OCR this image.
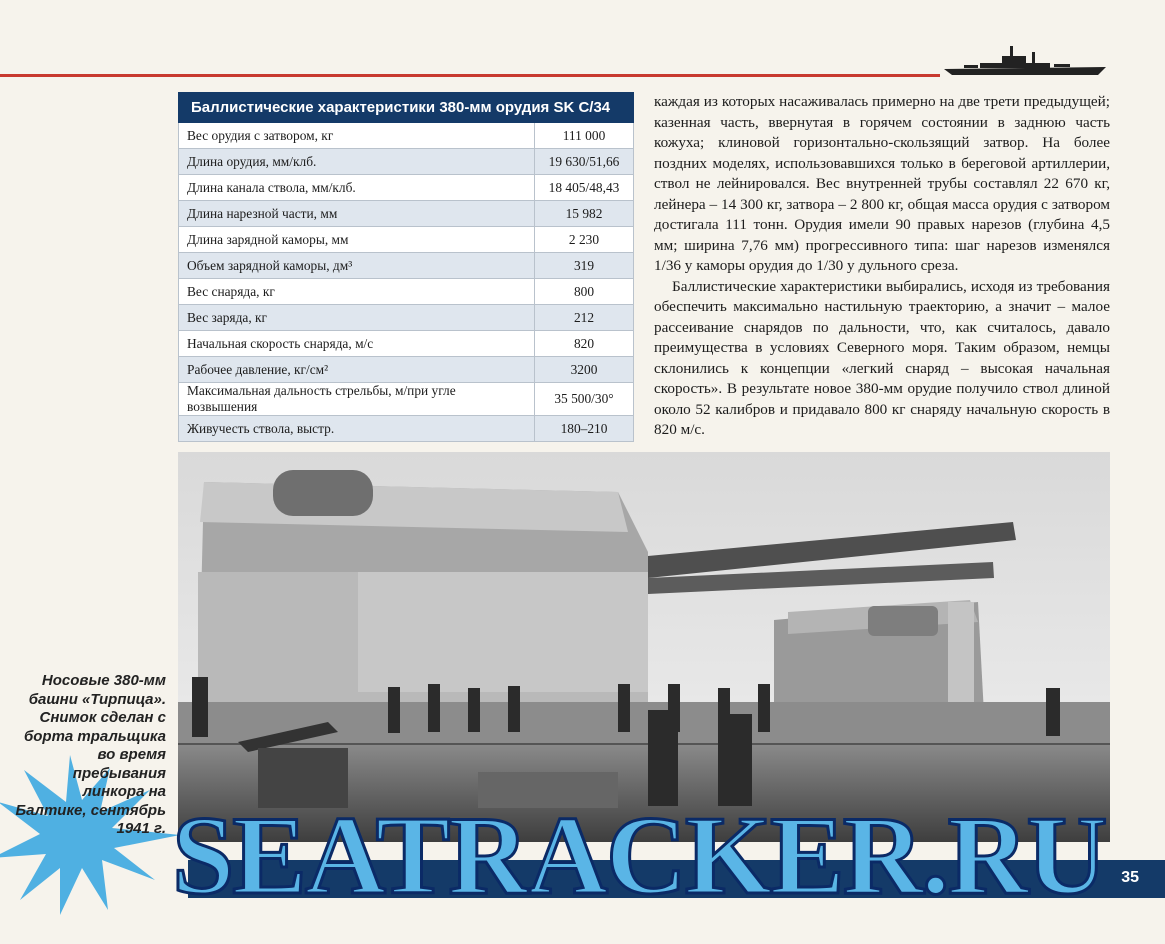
Баллистические характеристики 380-мм орудия SK C/34	
Вес орудия с затвором, кг	111 000
Длина орудия, мм/клб.	19 630/51,66
Длина канала ствола, мм/клб.	18 405/48,43
Длина нарезной части, мм	15 982
Длина зарядной каморы, мм	2 230
Объем зарядной каморы, дм³	319
Вес снаряда, кг	800
Вес заряда, кг	212
Начальная скорость снаряда, м/с	820
Рабочее давление, кг/см²	3200
Максимальная дальность стрельбы, м/при угле возвышения	35 500/30°
Живучесть ствола, выстр.	180–210

каждая из которых насаживалась примерно на две трети предыдущей; казенная часть, ввернутая в горячем состоянии в заднюю часть кожуха; клиновой горизонтально-скользящий затвор. На более поздних моделях, использовавшихся только в береговой артиллерии, ствол не лейнировался. Вес внутренней трубы составлял 22 670 кг, лейнера – 14 300 кг, затвора – 2 800 кг, общая масса орудия с затвором достигала 111 тонн. Орудия имели 90 правых нарезов (глубина 4,5 мм; ширина 7,76 мм) прогрессивного типа: шаг нарезов изменялся 1/36 у каморы орудия до 1/30 у дульного среза.

Баллистические характеристики выбирались, исходя из требования обеспечить максимально настильную траекторию, а значит – малое рассеивание снарядов по дальности, что, как считалось, давало преимущества в условиях Северного моря. Таким образом, немцы склонились к концепции «легкий снаряд – высокая начальная скорость». В результате новое 380-мм орудие получило ствол длиной около 52 калибров и придавало 800 кг снаряду начальную скорость в 820 м/с.

Носовые 380-мм башни «Тирпица». Снимок сделан с борта тральщика во время пребывания линкора на Балтике, сентябрь 1941 г.
35
SEATRACKER.RU
